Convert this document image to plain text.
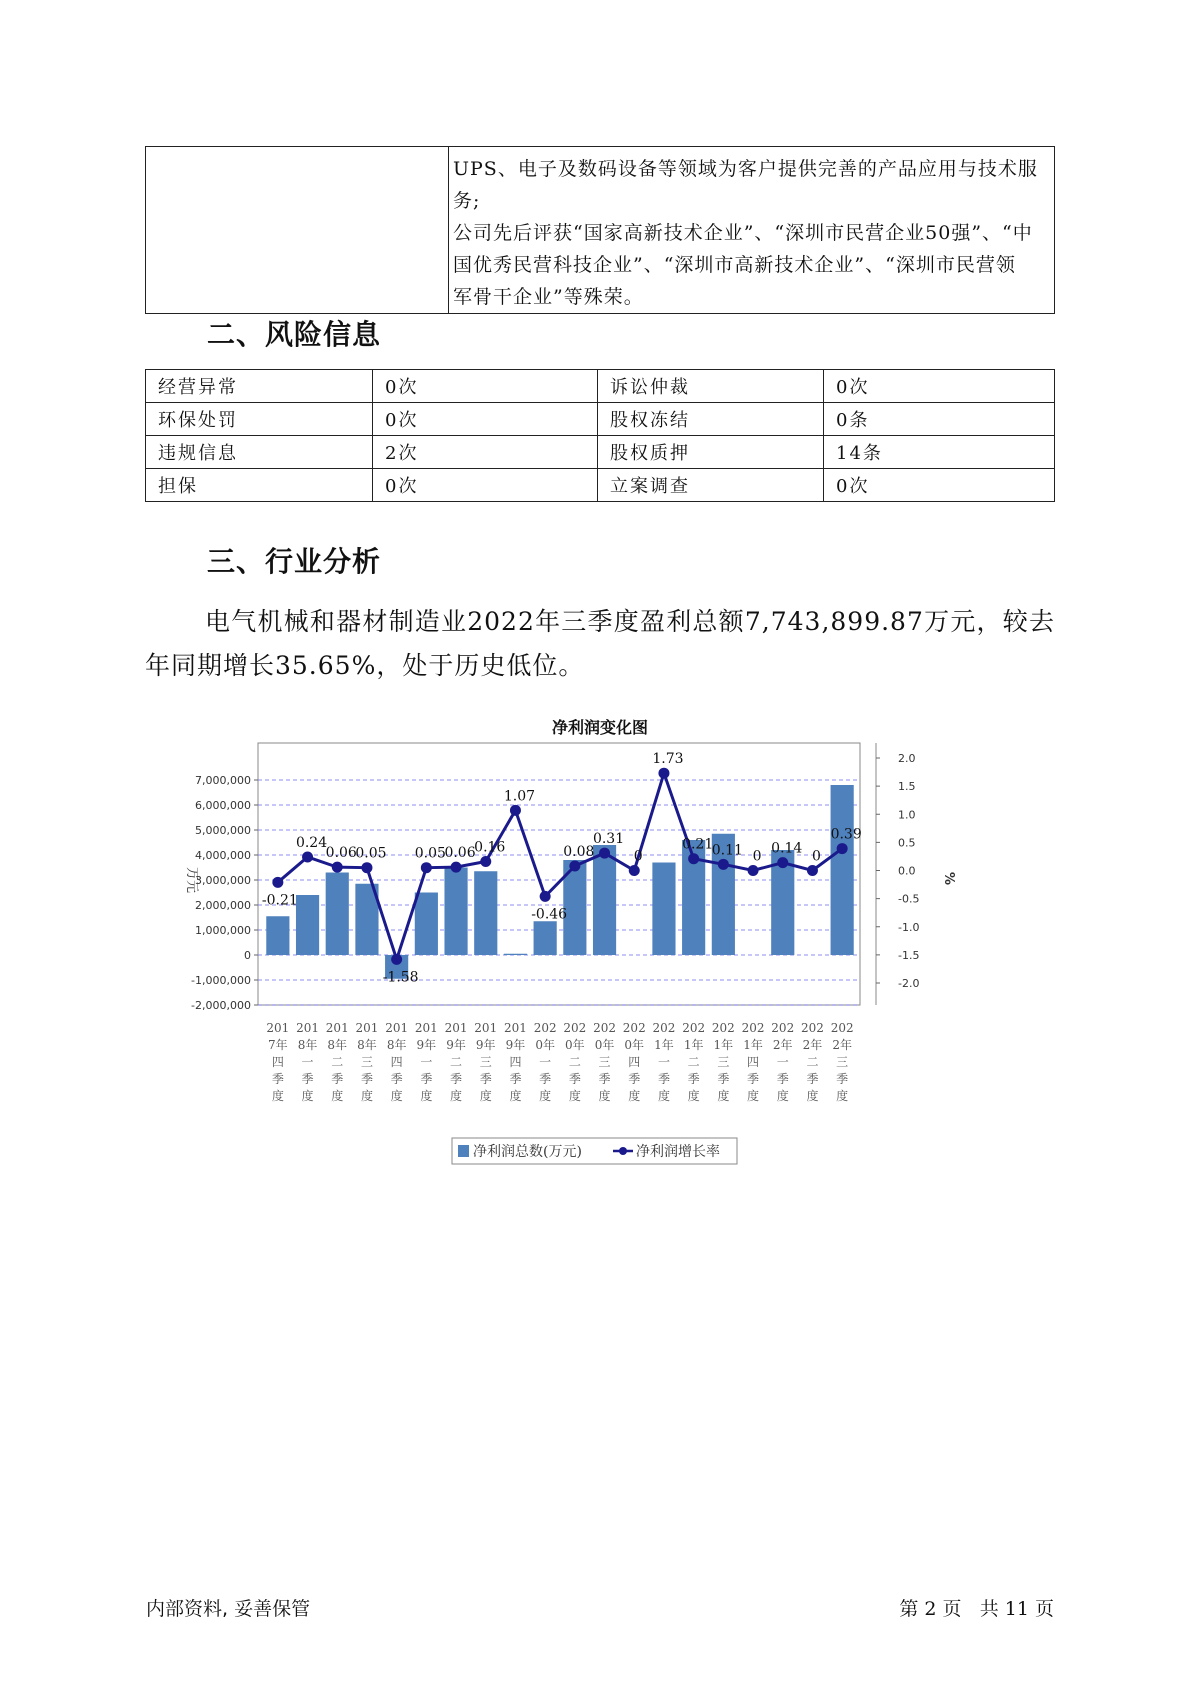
UPS、电子及数码设备等领域为客户提供完善的产品应用与技术服务;
公司先后评获“国家高新技术企业”、“深圳市民营企业50强”、“中
国优秀民营科技企业”、“深圳市高新技术企业”、“深圳市民营领
军骨干企业”等殊荣。
二、风险信息
经营异常	0次	诉讼仲裁	0次
环保处罚	0次	股权冻结	0条
违规信息	2次	股权质押	14条
担保	0次	立案调查	0次
三、行业分析

电气机械和器材制造业2022年三季度盈利总额7,743,899.87万元，较去年同期增长35.65%，处于历史低位。

净利润变化图
-0.21
0.24
0.06
0.05
-1.58
0.05
0.06
0.16
1.07
-0.46
0.08
0.31
0
1.73
0.21
0.11 0 0.14 0
0.39
7,000,000
6,000,000
5,000,000
4,000,000
3,000,000
2,000,000
1,000,000
0
-1,000,000
-2,000,000
2.0
1.5
1.0
0.5
0.0
-0.5
-1.0
-1.5
-2.0
万元	%
201
7年
四
季
度
201
8年
一
季
度
201
8年
二
季
度
201
8年
三
季
度
201
8年
四
季
度
201
9年
一
季
度
201
9年
二
季
度
201
9年
三
季
度
201
9年
四
季
度
202
0年
一
季
度
202
0年
二
季
度
202
0年
三
季
度
202
0年
四
季
度
202
1年
一
季
度
202
1年
二
季
度
202
1年
三
季
度
202
1年
四
季
度
202
2年
一
季
度
202
2年
二
季
度
202
2年
三
季
度
净利润总数(万元)	净利润增长率
内部资料, 妥善保管	第 2 页 共 11 页
